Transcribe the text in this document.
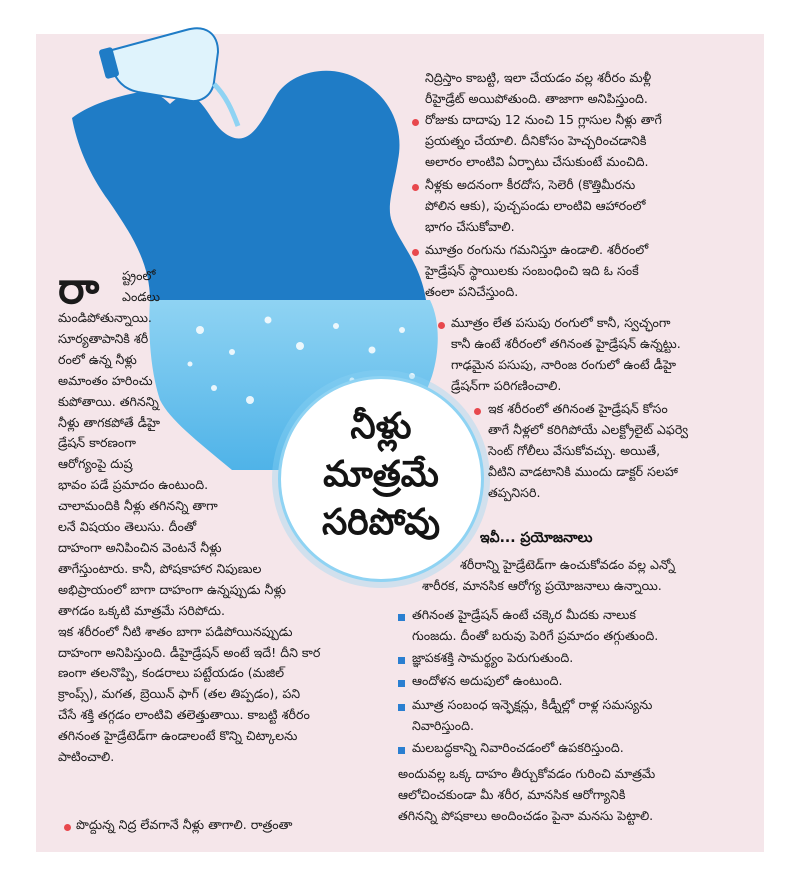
నీళ్లు
మాత్రమే
సరిపోవు
రా ష్ట్రంలో
ఎండలు
మండిపోతున్నాయి.
సూర్యతాపానికి శరీ
రంలో ఉన్న నీళ్లు
అమాంతం హరించు
కుపోతాయి. తగినన్ని
నీళ్లు తాగకపోతే డీహై
డ్రేషన్ కారణంగా
ఆరోగ్యంపై దుష్ర
భావం పడే ప్రమాదం ఉంటుంది.
చాలామందికి నీళ్లు తగినన్ని తాగా
లనే విషయం తెలుసు. దీంతో
దాహంగా అనిపించిన వెంటనే నీళ్లు
తాగేస్తుంటారు. కానీ, పోషకాహార నిపుణుల
అభిప్రాయంలో బాగా దాహంగా ఉన్నప్పుడు నీళ్లు
తాగడం ఒక్కటి మాత్రమే సరిపోదు.
ఇక శరీరంలో నీటి శాతం బాగా పడిపోయినప్పుడు
దాహంగా అనిపిస్తుంది. డీహైడ్రేషన్ అంటే ఇదే! దీని కార
ణంగా తలనొప్పి, కండరాలు పట్టేయడం (మజిల్
క్రాంప్స్), మగత, బ్రెయిన్ ఫాగ్ (తల తిప్పడం), పని
చేసే శక్తి తగ్గడం లాంటివి తలెత్తుతాయి. కాబట్టి శరీరం
తగినంత హైడ్రేటెడ్‌గా ఉండాలంటే కొన్ని చిట్కాలను
పాటించాలి.
పొద్దున్న నిద్ర లేవగానే నీళ్లు తాగాలి. రాత్రంతా
నిద్రిస్తాం కాబట్టి, ఇలా చేయడం వల్ల శరీరం మళ్లీ
రీహైడ్రేట్ అయిపోతుంది. తాజాగా అనిపిస్తుంది.
రోజుకు దాదాపు 12 నుంచి 15 గ్లాసుల నీళ్లు తాగే
ప్రయత్నం చేయాలి. దీనికోసం హెచ్చరించడానికి
అలారం లాంటివి ఏర్పాటు చేసుకుంటే మంచిది.
నీళ్లకు అదనంగా కీరదోస, సెలెరీ (కొత్తిమీరను
పోలిన ఆకు), పుచ్చపండు లాంటివి ఆహారంలో
భాగం చేసుకోవాలి.
మూత్రం రంగును గమనిస్తూ ఉండాలి. శరీరంలో
హైడ్రేషన్ స్థాయిలకు సంబంధించి ఇది ఓ సంకే
తంలా పనిచేస్తుంది.
మూత్రం లేత పసుపు రంగులో కానీ, స్వచ్ఛంగా
కానీ ఉంటే శరీరంలో తగినంత హైడ్రేషన్ ఉన్నట్టు.
గాఢమైన పసుపు, నారింజ రంగులో ఉంటే డీహై
డ్రేషన్‌గా పరిగణించాలి.
ఇక శరీరంలో తగినంత హైడ్రేషన్ కోసం
తాగే నీళ్లలో కరిగిపోయే ఎలక్ట్రోలైట్ ఎఫర్వె
సెంట్ గోలీలు వేసుకోవచ్చు. అయితే,
వీటిని వాడటానికి ముందు డాక్టర్ సలహా
తప్పనిసరి.
ఇవీ... ప్రయోజనాలు
శరీరాన్ని హైడ్రేటెడ్‌గా ఉంచుకోవడం వల్ల ఎన్నో
శారీరక, మానసిక ఆరోగ్య ప్రయోజనాలు ఉన్నాయి.
తగినంత హైడ్రేషన్ ఉంటే చక్కెర మీదకు నాలుక
గుంజదు. దీంతో బరువు పెరిగే ప్రమాదం తగ్గుతుంది.
జ్ఞాపకశక్తి సామర్థ్యం పెరుగుతుంది.
ఆందోళన అదుపులో ఉంటుంది.
మూత్ర సంబంధ ఇన్ఫెక్షన్లు, కిడ్నీల్లో రాళ్ల సమస్యను
నివారిస్తుంది.
మలబద్ధకాన్ని నివారించడంలో ఉపకరిస్తుంది.
అందువల్ల ఒక్క దాహం తీర్చుకోవడం గురించి మాత్రమే
ఆలోచించకుండా మీ శరీర, మానసిక ఆరోగ్యానికి
తగినన్ని పోషకాలు అందించడం పైనా మనసు పెట్టాలి.
